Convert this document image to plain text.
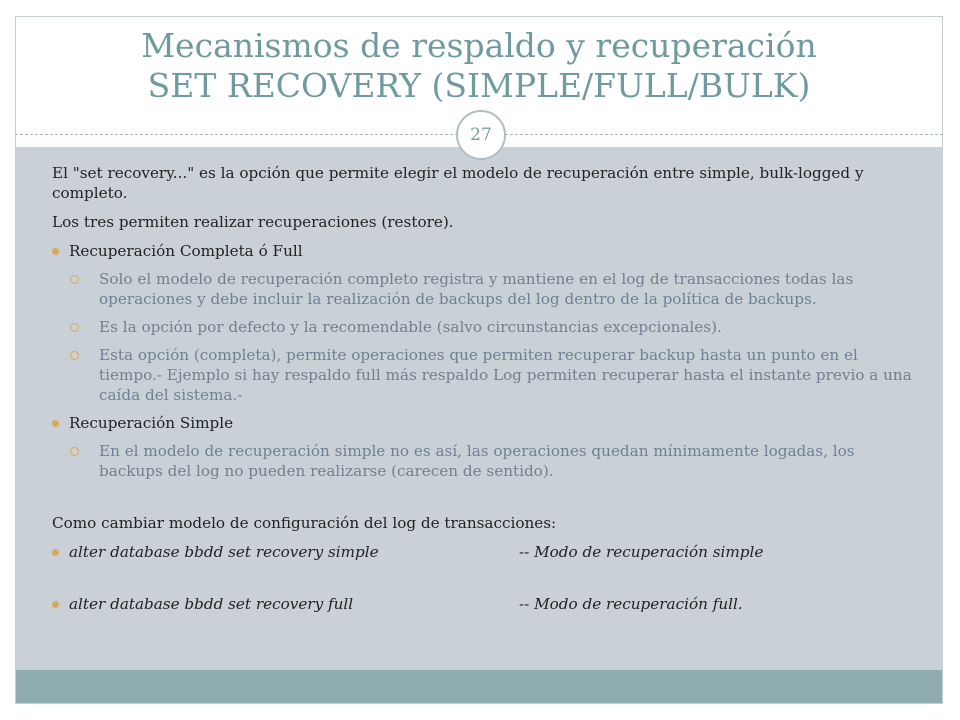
Mecanismos de respaldo y recuperación
SET RECOVERY (SIMPLE/FULL/BULK)
27

El "set recovery..." es la opción que permite elegir el modelo de recuperación entre simple, bulk-logged y completo.

Los tres permiten realizar recuperaciones (restore).

Recuperación Completa ó Full
Solo el modelo de recuperación completo registra y mantiene en el log de transacciones todas las operaciones y debe incluir la realización de backups del log dentro de la política de backups.
Es la opción por defecto y la recomendable (salvo circunstancias excepcionales).
Esta opción (completa), permite operaciones que permiten recuperar backup hasta un punto en el tiempo.- Ejemplo si hay respaldo full más respaldo Log permiten recuperar hasta el instante previo a una caída del sistema.-
Recuperación Simple
En el modelo de recuperación simple no es así, las operaciones quedan mínimamente logadas, los backups del log no pueden realizarse (carecen de sentido).

Como cambiar modelo de configuración del log de transacciones:

alter database bbdd set recovery simple	-- Modo de recuperación simple
alter database bbdd set recovery full	-- Modo de recuperación full.
